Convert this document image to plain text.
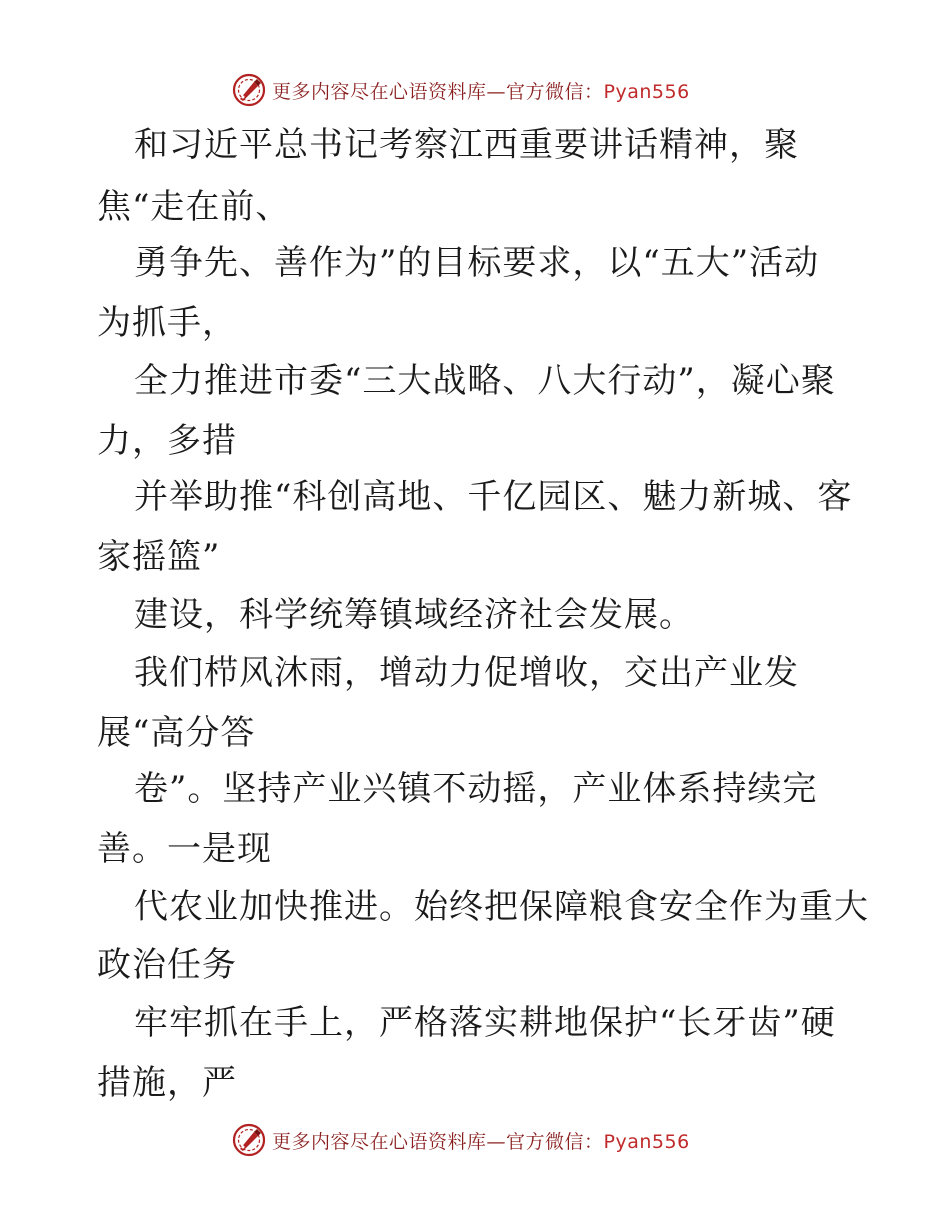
更多内容尽在心语资料库—官方微信：Pyan556
和习近平总书记考察江西重要讲话精神，聚
焦“走在前、
勇争先、善作为”的目标要求，以“五大”活动
为抓手，
全力推进市委“三大战略、八大行动”，凝心聚
力，多措
并举助推“科创高地、千亿园区、魅力新城、客
家摇篮”
建设，科学统筹镇域经济社会发展。
我们栉风沐雨，增动力促增收，交出产业发
展“高分答
卷”。坚持产业兴镇不动摇，产业体系持续完
善。一是现
代农业加快推进。始终把保障粮食安全作为重大
政治任务
牢牢抓在手上，严格落实耕地保护“长牙齿”硬
措施，严
更多内容尽在心语资料库—官方微信：Pyan556
